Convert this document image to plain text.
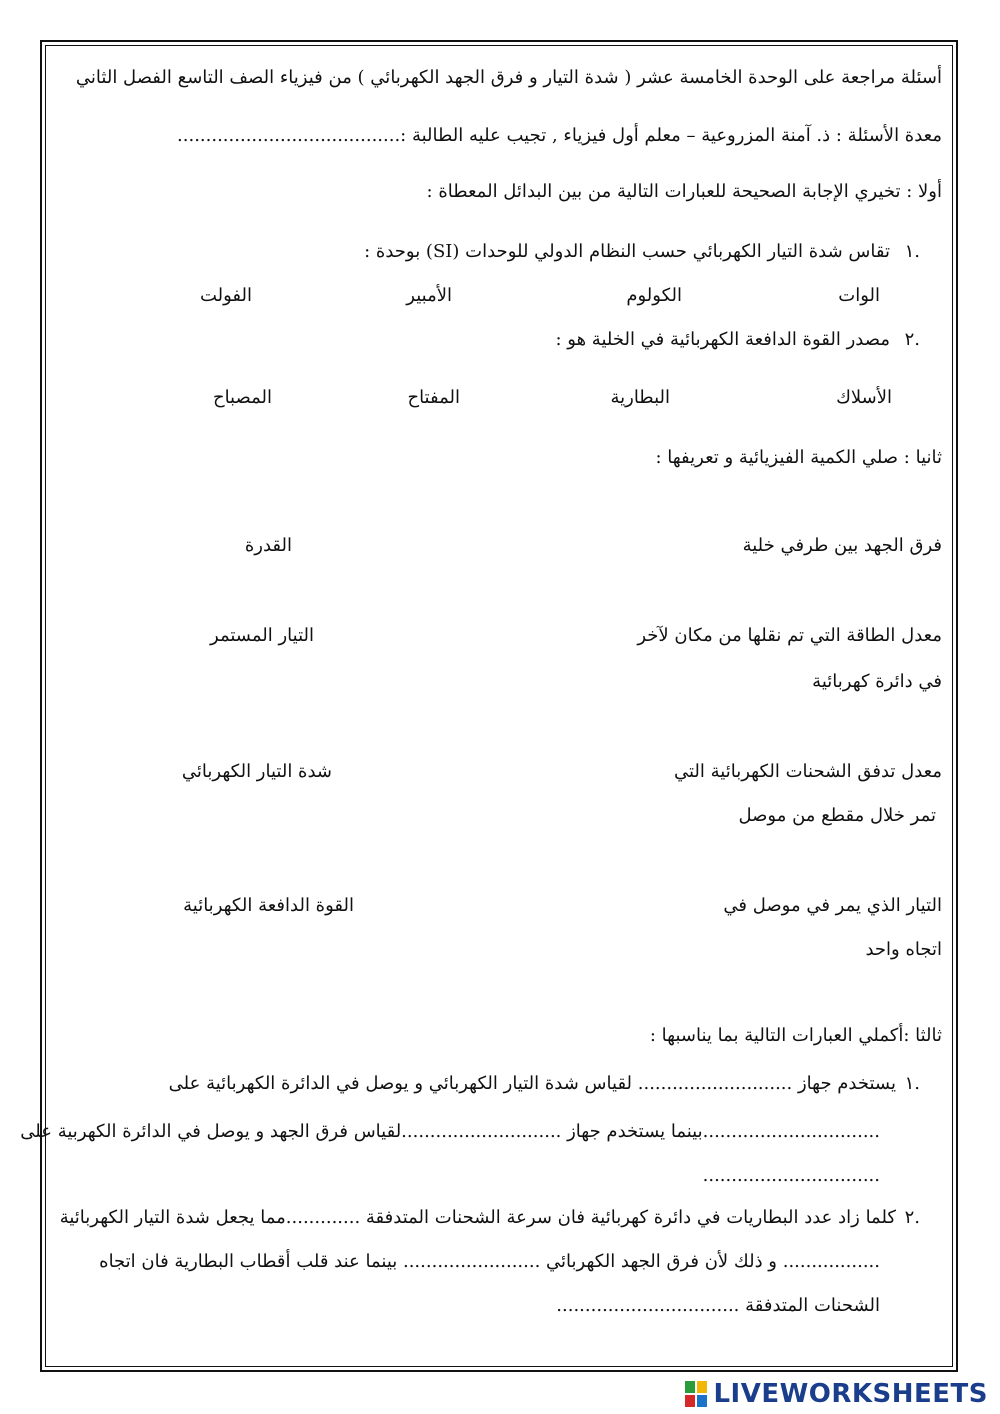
أسئلة مراجعة على الوحدة الخامسة عشر ( شدة التيار و فرق الجهد الكهربائي ) من فيزياء الصف التاسع الفصل الثاني
معدة الأسئلة : ذ. آمنة المزروعية – معلم أول فيزياء , تجيب عليه الطالبة :.......................................
أولا : تخيري الإجابة الصحيحة للعبارات التالية من بين البدائل المعطاة :
.١
تقاس شدة التيار الكهربائي حسب النظام الدولي للوحدات (SI) بوحدة :
الوات
الكولوم
الأمبير
الفولت
.٢
مصدر القوة الدافعة الكهربائية في الخلية هو :
الأسلاك
البطارية
المفتاح
المصباح
ثانيا : صلي الكمية الفيزيائية و تعريفها :
فرق الجهد بين طرفي خلية
القدرة
معدل الطاقة التي تم نقلها من مكان لآخر
التيار المستمر
في دائرة كهربائية
معدل تدفق الشحنات الكهربائية التي
شدة التيار الكهربائي
تمر خلال مقطع من موصل
التيار الذي يمر في موصل في
القوة الدافعة الكهربائية
اتجاه واحد
ثالثا :أكملي العبارات التالية بما يناسبها :
.١
يستخدم جهاز ........................... لقياس شدة التيار الكهربائي و يوصل في الدائرة الكهربائية على
...............................بينما يستخدم جهاز ............................لقياس فرق الجهد و يوصل في الدائرة الكهربية على
...............................
.٢
كلما زاد عدد البطاريات في دائرة كهربائية فان سرعة الشحنات المتدفقة .............مما يجعل شدة التيار الكهربائية
................. و ذلك لأن فرق الجهد الكهربائي ........................ بينما عند قلب أقطاب البطارية فان اتجاه
الشحنات المتدفقة ................................
LIVEWORKSHEETS
